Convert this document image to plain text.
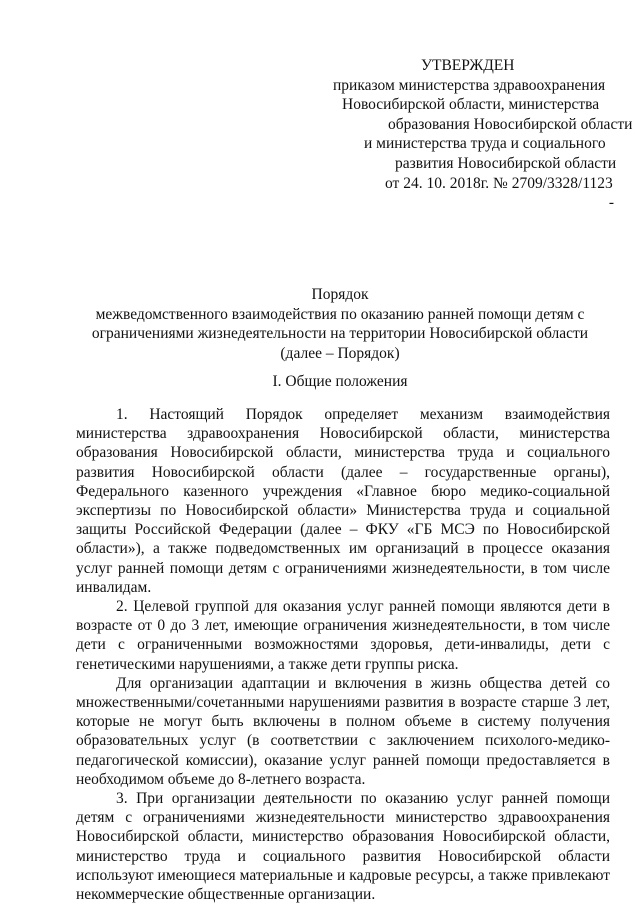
УТВЕРЖДЕН
приказом министерства здравоохранения
Новосибирской области, министерства
образования Новосибирской области
и министерства труда и социального
развития Новосибирской области
от 24. 10. 2018г. № 2709/3328/1123
-
Порядок
межведомственного взаимодействия по оказанию ранней помощи детям с
ограничениями жизнедеятельности на территории Новосибирской области
(далее – Порядок)
I. Общие положения

1. Настоящий Порядок определяет механизм взаимодействия министерства здравоохранения Новосибирской области, министерства образования Новосибирской области, министерства труда и социального развития Новосибирской области (далее – государственные органы), Федерального казенного учреждения «Главное бюро медико-социальной экспертизы по Новосибирской области» Министерства труда и социальной защиты Российской Федерации (далее – ФКУ «ГБ МСЭ по Новосибирской области»), а также подведомственных им организаций в процессе оказания услуг ранней помощи детям с ограничениями жизнедеятельности, в том числе инвалидам.

2. Целевой группой для оказания услуг ранней помощи являются дети в возрасте от 0 до 3 лет, имеющие ограничения жизнедеятельности, в том числе дети с ограниченными возможностями здоровья, дети-инвалиды, дети с генетическими нарушениями, а также дети группы риска.

Для организации адаптации и включения в жизнь общества детей со множественными/сочетанными нарушениями развития в возрасте старше 3 лет, которые не могут быть включены в полном объеме в систему получения образовательных услуг (в соответствии с заключением психолого-медико-педагогической комиссии), оказание услуг ранней помощи предоставляется в необходимом объеме до 8-летнего возраста.

3. При организации деятельности по оказанию услуг ранней помощи детям с ограничениями жизнедеятельности министерство здравоохранения Новосибирской области, министерство образования Новосибирской области, министерство труда и социального развития Новосибирской области используют имеющиеся материальные и кадровые ресурсы, а также привлекают некоммерческие общественные организации.
